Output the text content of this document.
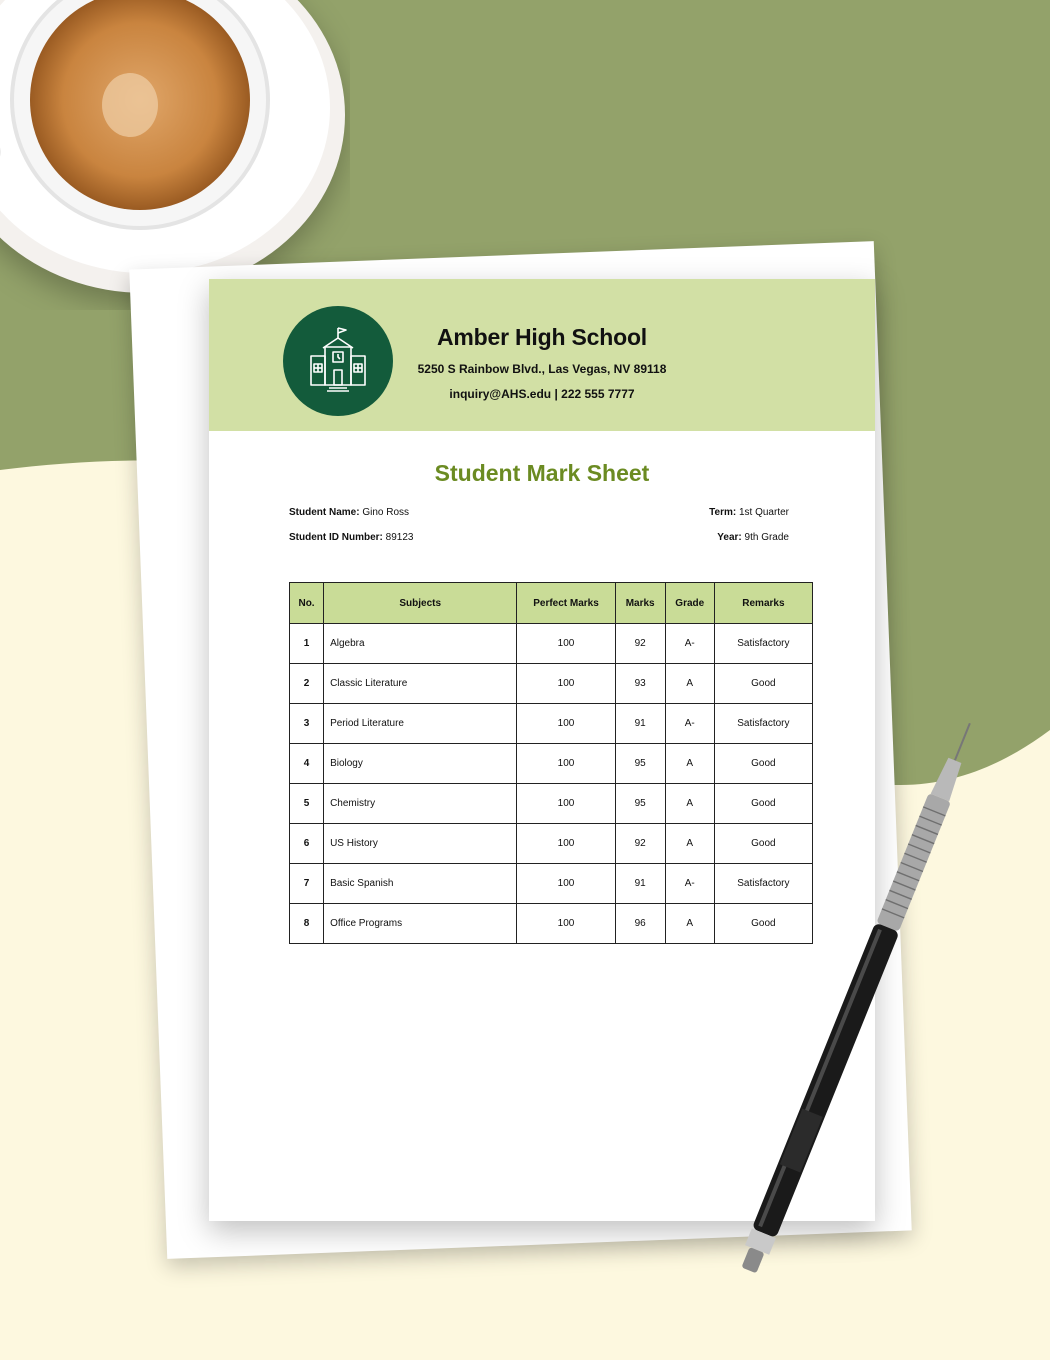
Amber High School
5250 S Rainbow Blvd., Las Vegas, NV 89118
inquiry@AHS.edu | 222 555 7777
Student Mark Sheet
Student Name: Gino Ross
Student ID Number: 89123
Term: 1st Quarter
Year: 9th Grade
No.	Subjects	Perfect Marks	Marks	Grade	Remarks
1	Algebra	100	92	A-	Satisfactory
2	Classic Literature	100	93	A	Good
3	Period Literature	100	91	A-	Satisfactory
4	Biology	100	95	A	Good
5	Chemistry	100	95	A	Good
6	US History	100	92	A	Good
7	Basic Spanish	100	91	A-	Satisfactory
8	Office Programs	100	96	A	Good
